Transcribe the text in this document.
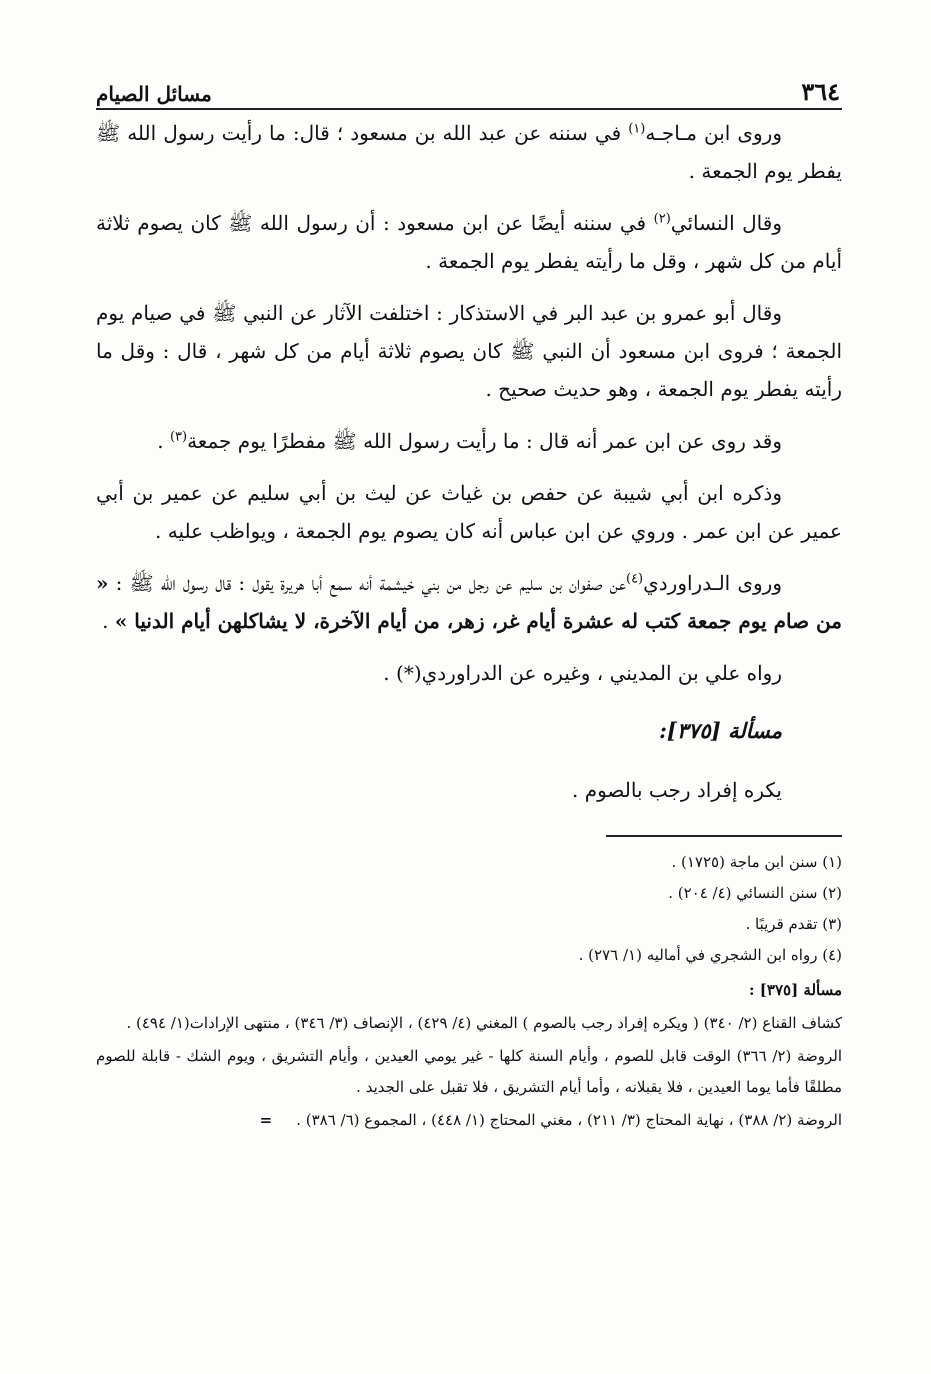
٣٦٤
مسائل الصيام

وروى ابن مـاجـه$^{(١)}$ في سننه عن عبد الله بن مسعود ؛ قال: ما رأيت رسول الله ﷺ يفطر يوم الجمعة .

وقال النسائي$^{(٢)}$ في سننه أيضًا عن ابن مسعود : أن رسول الله ﷺ كان يصوم ثلاثة أيام من كل شهر ، وقل ما رأيته يفطر يوم الجمعة .

وقال أبو عمرو بن عبد البر في الاستذكار : اختلفت الآثار عن النبي ﷺ في صيام يوم الجمعة ؛ فروى ابن مسعود أن النبي ﷺ كان يصوم ثلاثة أيام من كل شهر ، قال : وقل ما رأيته يفطر يوم الجمعة ، وهو حديث صحيح .

وقد روى عن ابن عمر أنه قال : ما رأيت رسول الله ﷺ مفطرًا يوم جمعة$^{(٣)}$ .

وذكره ابن أبي شيبة عن حفص بن غياث عن ليث بن أبي سليم عن عمير بن أبي عمير عن ابن عمر . وروي عن ابن عباس أنه كان يصوم يوم الجمعة ، ويواظب عليه .

وروى الـدراوردي$^{(٤)}$عن صفوان بن سليم عن رجل من بني خيشمة أنه سمع أبا هريرة يقول : قال رسول الله ﷺ : « من صام يوم جمعة كتب له عشرة أيام غر، زهر، من أيام الآخرة، لا يشاكلهن أيام الدنيا » .

رواه علي بن المديني ، وغيره عن الدراوردي(*) .

مسألة [٣٧٥]:

يكره إفراد رجب بالصوم .

(١) سنن ابن ماجة (١٧٢٥) .

(٢) سنن النسائي (٤/ ٢٠٤) .

(٣) تقدم قريبًا .

(٤) رواه ابن الشجري في أماليه (١/ ٢٧٦) .

مسألة [٣٧٥] :

كشاف القناع (٢/ ٣٤٠) ( ويكره إفراد رجب بالصوم ) المغني (٤/ ٤٢٩) ، الإنصاف (٣/ ٣٤٦) ، منتهى الإرادات(١/ ٤٩٤) .

الروضة (٢/ ٣٦٦) الوقت قابل للصوم ، وأيام السنة كلها - غير يومي العيدين ، وأيام التشريق ، ويوم الشك - قابلة للصوم مطلقًا فأما يوما العيدين ، فلا يقبلانه ، وأما أيام التشريق ، فلا تقبل على الجديد .

الروضة (٢/ ٣٨٨) ، نهاية المحتاج (٣/ ٢١١) ، مغني المحتاج (١/ ٤٤٨) ، المجموع (٦/ ٣٨٦) .=
